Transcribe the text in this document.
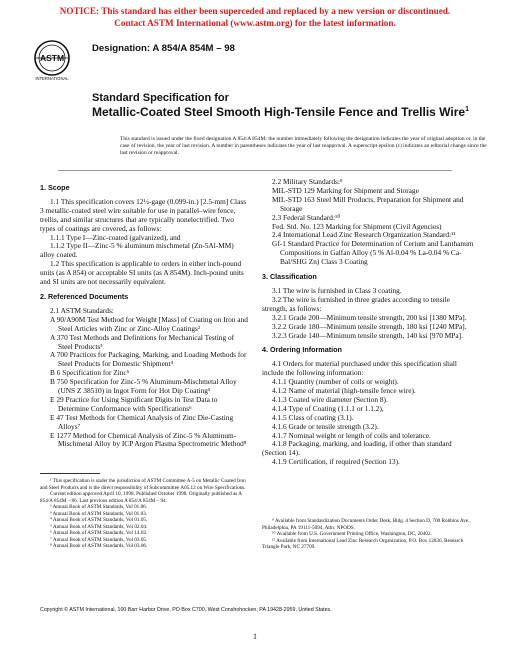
NOTICE: This standard has either been superceded and replaced by a new version or discontinued.
Contact ASTM International (www.astm.org) for the latest information.
ASTM
INTERNATIONAL
Designation: A 854/A 854M – 98
Standard Specification for
Metallic-Coated Steel Smooth High-Tensile Fence and Trellis Wire$^1$
This standard is issued under the fixed designation A 854/A 854M; the number immediately following the designation indicates the year of original adoption or, in the case of revision, the year of last revision. A number in parentheses indicates the year of last reapproval. A superscript epsilon (ε) indicates an editorial change since the last revision or reapproval.

1. Scope

1.1 This specification covers 12½-gage (0.099-in.) [2.5-mm] Class 3 metallic-coated steel wire suitable for use in parallel–wire fence, trellis, and similar structures that are typically nonelectrified. Two types of coatings are covered, as follows:

1.1.1 Type I—Zinc-coated (galvanized), and

1.1.2 Type II—Zinc-5 % aluminum mischmetal (Zn-5Al-MM) alloy coated.

1.2 This specification is applicable to orders in either inch-pound units (as A 854) or acceptable SI units (as A 854M). Inch-pound units and SI units are not necessarily equivalent.

2. Referenced Documents

2.1 ASTM Standards:

A 90/A90M Test Method for Weight [Mass] of Coating on Iron and Steel Articles with Zinc or Zinc-Alloy Coatings²

A 370 Test Methods and Definitions for Mechanical Testing of Steel Products³

A 700 Practices for Packaging, Marking, and Loading Methods for Steel Products for Domestic Shipment⁴

B 6 Specification for Zinc⁵

B 750 Specification for Zinc-5 % Aluminum-Mischmetal Alloy (UNS Z 38510) in Ingot Form for Hot Dip Coating⁵

E 29 Practice for Using Significant Digits in Test Data to Determine Conformance with Specifications⁶

E 47 Test Methods for Chemical Analysis of Zinc Die-Casting Alloys⁷

E 1277 Method for Chemical Analysis of Zinc-5 % Aluminum-Mischmetal Alloy by ICP Argon Plasma Spectrometric Method⁸

2.2 Military Standards:⁹

MIL-STD 129 Marking for Shipment and Storage

MIL-STD 163 Steel Mill Products, Preparation for Shipment and Storage

2.3 Federal Standard:¹⁰

Fed. Std. No. 123 Marking for Shipment (Civil Agencies)

2.4 International Lead Zinc Research Organization Standard:¹¹

Gf-1 Standard Practice for Determination of Cerium and Lanthanum Compositions in Galfan Alloy (5 % Al-0.04 % La-0.04 % Ca-Bal/SHG Zn) Class 3 Coating

3. Classification

3.1 The wire is furnished in Class 3 coating.

3.2 The wire is furnished in three grades according to tensile strength, as follows:

3.2.1 Grade 200—Minimum tensile strength, 200 ksi [1380 MPa].

3.2.2 Grade 180—Minimum tensile strength, 180 ksi [1240 MPa].

3.2.3 Grade 140—Minimum tensile strength, 140 ksi [970 MPa].

4. Ordering Information

4.1 Orders for material purchased under this specification shall include the following information:

4.1.1 Quantity (number of coils or weight).

4.1.2 Name of material (high-tensile fence wire).

4.1.3 Coated wire diameter (Section 8).

4.1.4 Type of Coating (1.1.1 or 1.1.2),

4.1.5 Class of coating (3.1).

4.1.6 Grade or tensile strength (3.2).

4.1.7 Nominal weight or length of coils and tolerance.

4.1.8 Packaging, marking, and loading, if other than standard (Section 14).

4.1.9 Certification, if required (Section 13).

¹ This specification is under the jurisdiction of ASTM Committee A-5 on Metallic Coated Iron and Steel Products and is the direct responsibility of Subcommittee A05.12 on Wire Specifications.

Current edition approved April 10, 1998. Published October 1998. Originally published as A 854/A 854M – 86. Last previous edition A 854/A 854M – 94.

² Annual Book of ASTM Standards, Vol 01.06.

³ Annual Book of ASTM Standards, Vol 01.03.

⁴ Annual Book of ASTM Standards, Vol 01.05.

⁵ Annual Book of ASTM Standards, Vol 02.04.

⁶ Annual Book of ASTM Standards, Vol 14.02.

⁷ Annual Book of ASTM Standards, Vol 03.05.

⁸ Annual Book of ASTM Standards, Vol 03.06.

⁹ Available from Standardization Documents Order Desk, Bldg. 4 Section D, 700 Robbins Ave., Philadelphia, PA 19111-5094, Attn: NPODS.

¹⁰ Available from U.S. Government Printing Office, Washington, DC, 20402.

¹¹ Available from International Lead Zinc Research Organization, P.O. Box 12036, Research Triangle Park, NC 27709.

Copyright © ASTM International, 100 Barr Harbor Drive, PO Box C700, West Conshohocken, PA 19428-2959, United States.
1
